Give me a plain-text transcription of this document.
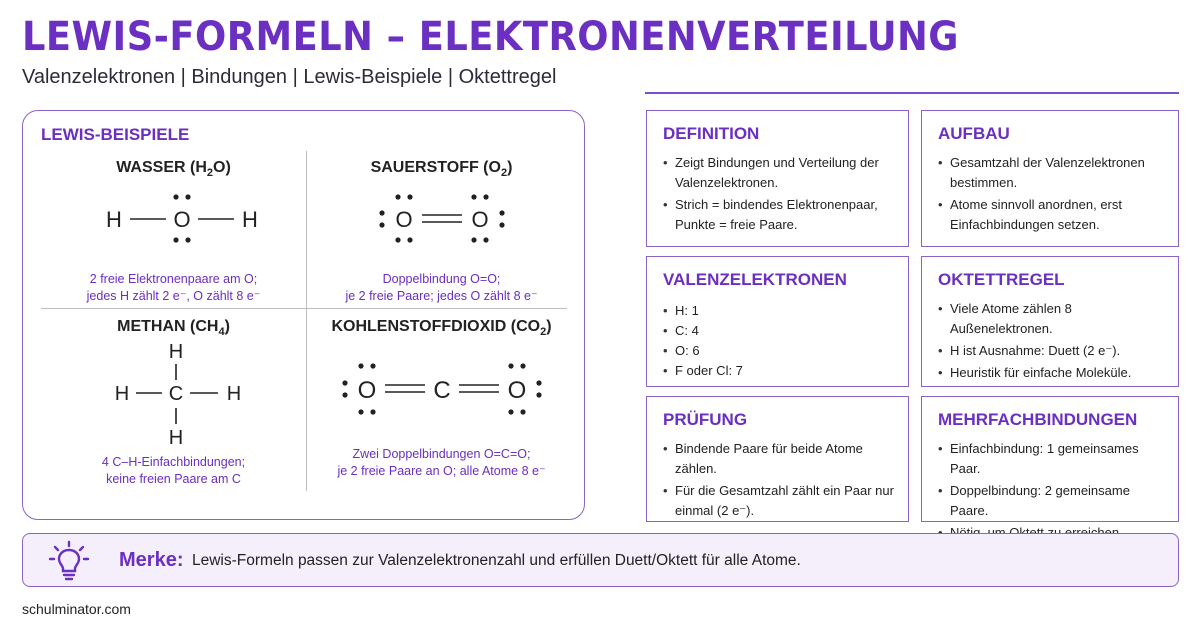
LEWIS-FORMELN – ELEKTRONENVERTEILUNG
Valenzelektronen | Bindungen | Lewis-Beispiele | Oktettregel
LEWIS-BEISPIELE
WASSER $(H_2O)$
H O H
2 freie Elektronenpaare am O;
jedes H zählt 2 e⁻, O zählt 8 e⁻
SAUERSTOFF $(O_2)$
O	O
Doppelbindung O=O;
je 2 freie Paare; jedes O zählt 8 e⁻
METHAN $(CH_4)$
H
H C H
H
4 C–H-Einfachbindungen;
keine freien Paare am C
KOHLENSTOFFDIOXID $(CO_2)$
O C O
Zwei Doppelbindungen O=C=O;
je 2 freie Paare an O; alle Atome 8 e⁻
DEFINITION
• Zeigt Bindungen und Verteilung der Valenzelektronen.
• Strich = bindendes Elektronenpaar, Punkte = freie Paare.
AUFBAU
• Gesamtzahl der Valenzelektronen bestimmen.
• Atome sinnvoll anordnen, erst Einfachbindungen setzen.
VALENZELEKTRONEN
• H: 1
• C: 4
• O: 6
• F oder Cl: 7
OKTETTREGEL
• Viele Atome zählen 8 Außenelektronen.
• H ist Ausnahme: Duett (2 e⁻).
• Heuristik für einfache Moleküle.
PRÜFUNG
• Bindende Paare für beide Atome zählen.
• Für die Gesamtzahl zählt ein Paar nur einmal (2 e⁻).
MEHRFACHBINDUNGEN
• Einfachbindung: 1 gemeinsames Paar.
• Doppelbindung: 2 gemeinsame Paare.
•
Merke: Lewis-Formeln passen zur Valenzelektronenzahl und erfüllen Duett/Oktett für alle Atome.
schulminator.com
